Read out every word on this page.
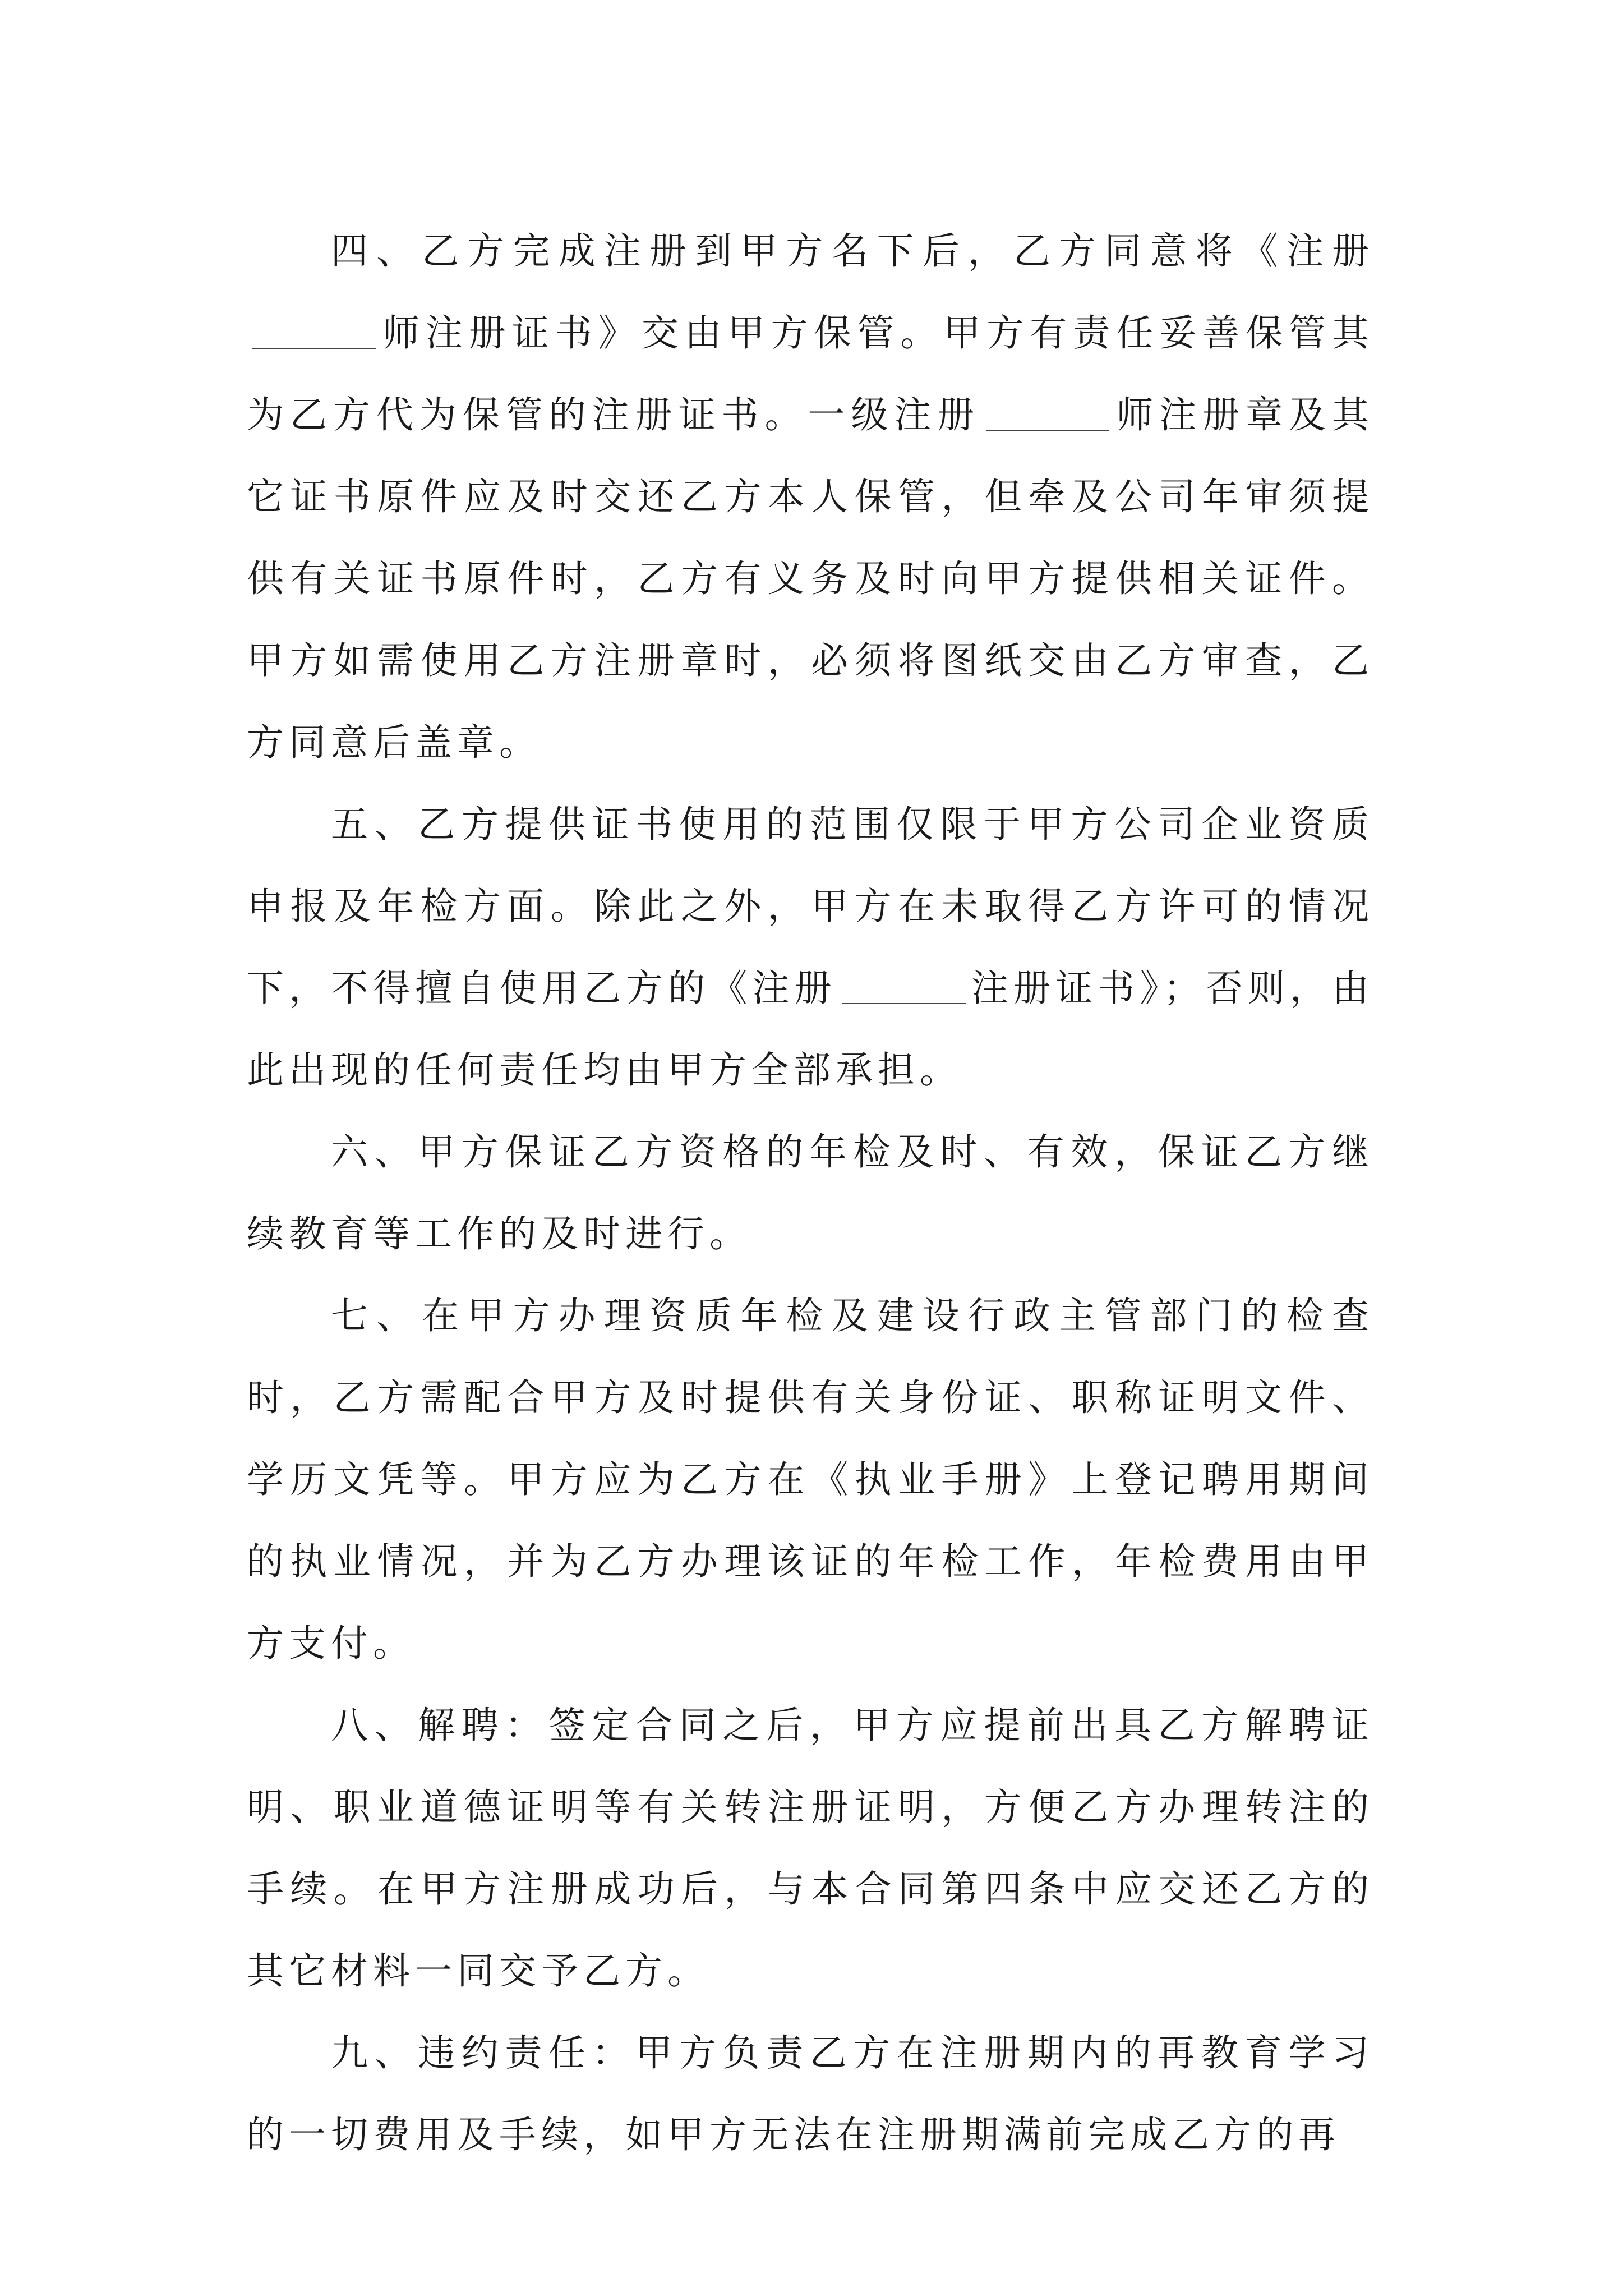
四、乙方完成注册到甲方名下后，乙方同意将《注册师注册证书》交由甲方保管。甲方有责任妥善保管其为乙方代为保管的注册证书。一级注册	师注册章及其它证书原件应及时交还乙方本人保管，但牵及公司年审须提供有关证书原件时，乙方有义务及时向甲方提供相关证件。甲方如需使用乙方注册章时，必须将图纸交由乙方审查，乙方同意后盖章。

五、乙方提供证书使用的范围仅限于甲方公司企业资质申报及年检方面。除此之外，甲方在未取得乙方许可的情况下，不得擅自使用乙方的《注册	注册证书》；否则，由此出现的任何责任均由甲方全部承担。

六、甲方保证乙方资格的年检及时、有效，保证乙方继续教育等工作的及时进行。

七、在甲方办理资质年检及建设行政主管部门的检查时，乙方需配合甲方及时提供有关身份证、职称证明文件、学历文凭等。甲方应为乙方在《执业手册》上登记聘用期间的执业情况，并为乙方办理该证的年检工作，年检费用由甲方支付。

八、解聘：签定合同之后，甲方应提前出具乙方解聘证明、职业道德证明等有关转注册证明，方便乙方办理转注的手续。在甲方注册成功后，与本合同第四条中应交还乙方的其它材料一同交予乙方。

九、违约责任：甲方负责乙方在注册期内的再教育学习的一切费用及手续，如甲方无法在注册期满前完成乙方的再
